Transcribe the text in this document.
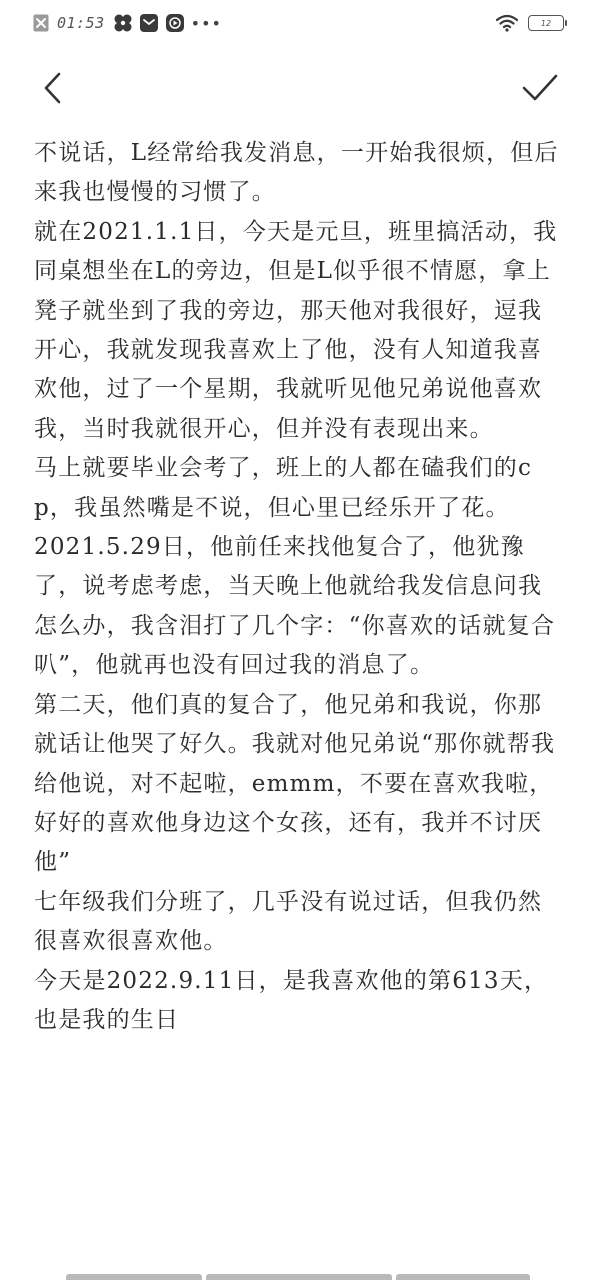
01:53	•••	12

不说话，L经常给我发消息，一开始我很烦，但后来我也慢慢的习惯了。

就在2021.1.1日，今天是元旦，班里搞活动，我同桌想坐在L的旁边，但是L似乎很不情愿，拿上凳子就坐到了我的旁边，那天他对我很好，逗我开心，我就发现我喜欢上了他，没有人知道我喜欢他，过了一个星期，我就听见他兄弟说他喜欢我，当时我就很开心，但并没有表现出来。

马上就要毕业会考了，班上的人都在磕我们的cp，我虽然嘴是不说，但心里已经乐开了花。

2021.5.29日，他前任来找他复合了，他犹豫了，说考虑考虑，当天晚上他就给我发信息问我怎么办，我含泪打了几个字：“你喜欢的话就复合叭”，他就再也没有回过我的消息了。

第二天，他们真的复合了，他兄弟和我说，你那就话让他哭了好久。我就对他兄弟说“那你就帮我给他说，对不起啦，emmm，不要在喜欢我啦，好好的喜欢他身边这个女孩，还有，我并不讨厌他”

七年级我们分班了，几乎没有说过话，但我仍然很喜欢很喜欢他。

今天是2022.9.11日，是我喜欢他的第613天，也是我的生日
